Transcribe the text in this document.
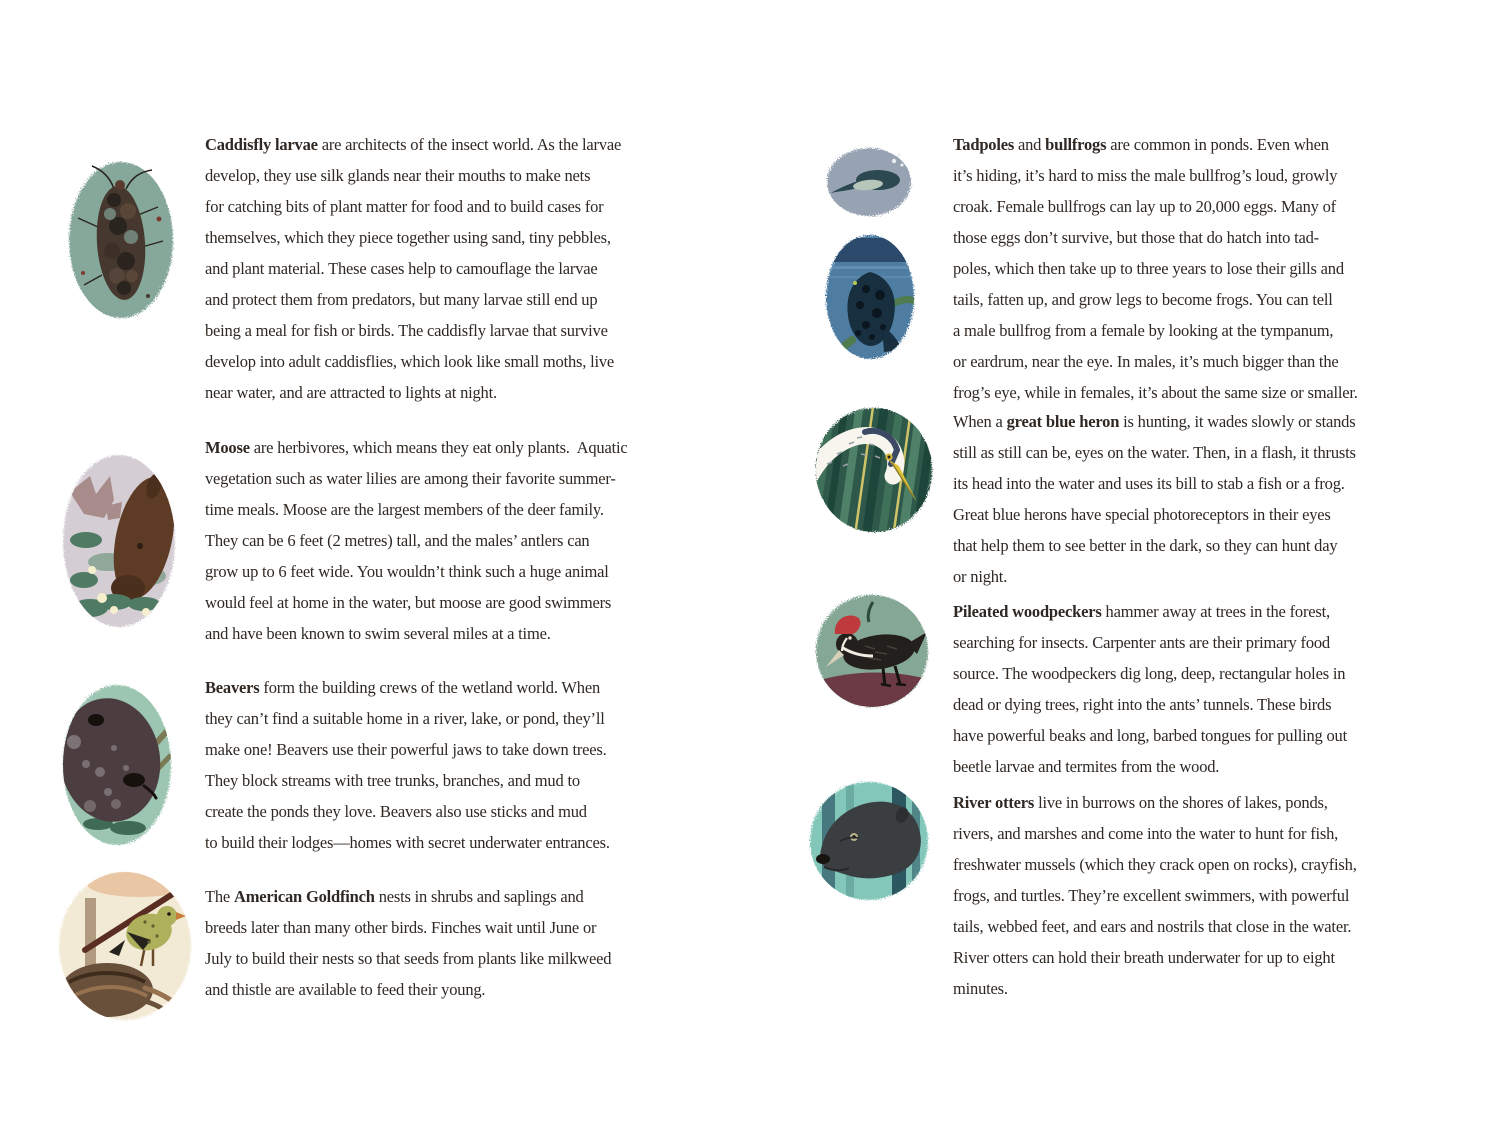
Caddisfly larvae are architects of the insect world. As the larvae
develop, they use silk glands near their mouths to make nets
for catching bits of plant matter for food and to build cases for
themselves, which they piece together using sand, tiny pebbles,
and plant material. These cases help to camouflage the larvae
and protect them from predators, but many larvae still end up
being a meal for fish or birds. The caddisfly larvae that survive
develop into adult caddisflies, which look like small moths, live
near water, and are attracted to lights at night.
Moose are herbivores, which means they eat only plants.  Aquatic
vegetation such as water lilies are among their favorite summer-
time meals. Moose are the largest members of the deer family.
They can be 6 feet (2 metres) tall, and the males’ antlers can
grow up to 6 feet wide. You wouldn’t think such a huge animal
would feel at home in the water, but moose are good swimmers
and have been known to swim several miles at a time.
Beavers form the building crews of the wetland world. When
they can’t find a suitable home in a river, lake, or pond, they’ll
make one! Beavers use their powerful jaws to take down trees.
They block streams with tree trunks, branches, and mud to
create the ponds they love. Beavers also use sticks and mud
to build their lodges—homes with secret underwater entrances.
The American Goldfinch nests in shrubs and saplings and
breeds later than many other birds. Finches wait until June or
July to build their nests so that seeds from plants like milkweed
and thistle are available to feed their young.
Tadpoles and bullfrogs are common in ponds. Even when
it’s hiding, it’s hard to miss the male bullfrog’s loud, growly
croak. Female bullfrogs can lay up to 20,000 eggs. Many of
those eggs don’t survive, but those that do hatch into tad-
poles, which then take up to three years to lose their gills and
tails, fatten up, and grow legs to become frogs. You can tell
a male bullfrog from a female by looking at the tympanum,
or eardrum, near the eye. In males, it’s much bigger than the
frog’s eye, while in females, it’s about the same size or smaller.
When a great blue heron is hunting, it wades slowly or stands
still as still can be, eyes on the water. Then, in a flash, it thrusts
its head into the water and uses its bill to stab a fish or a frog.
Great blue herons have special photoreceptors in their eyes
that help them to see better in the dark, so they can hunt day
or night.
Pileated woodpeckers hammer away at trees in the forest,
searching for insects. Carpenter ants are their primary food
source. The woodpeckers dig long, deep, rectangular holes in
dead or dying trees, right into the ants’ tunnels. These birds
have powerful beaks and long, barbed tongues for pulling out
beetle larvae and termites from the wood.
River otters live in burrows on the shores of lakes, ponds,
rivers, and marshes and come into the water to hunt for fish,
freshwater mussels (which they crack open on rocks), crayfish,
frogs, and turtles. They’re excellent swimmers, with powerful
tails, webbed feet, and ears and nostrils that close in the water.
River otters can hold their breath underwater for up to eight
minutes.
